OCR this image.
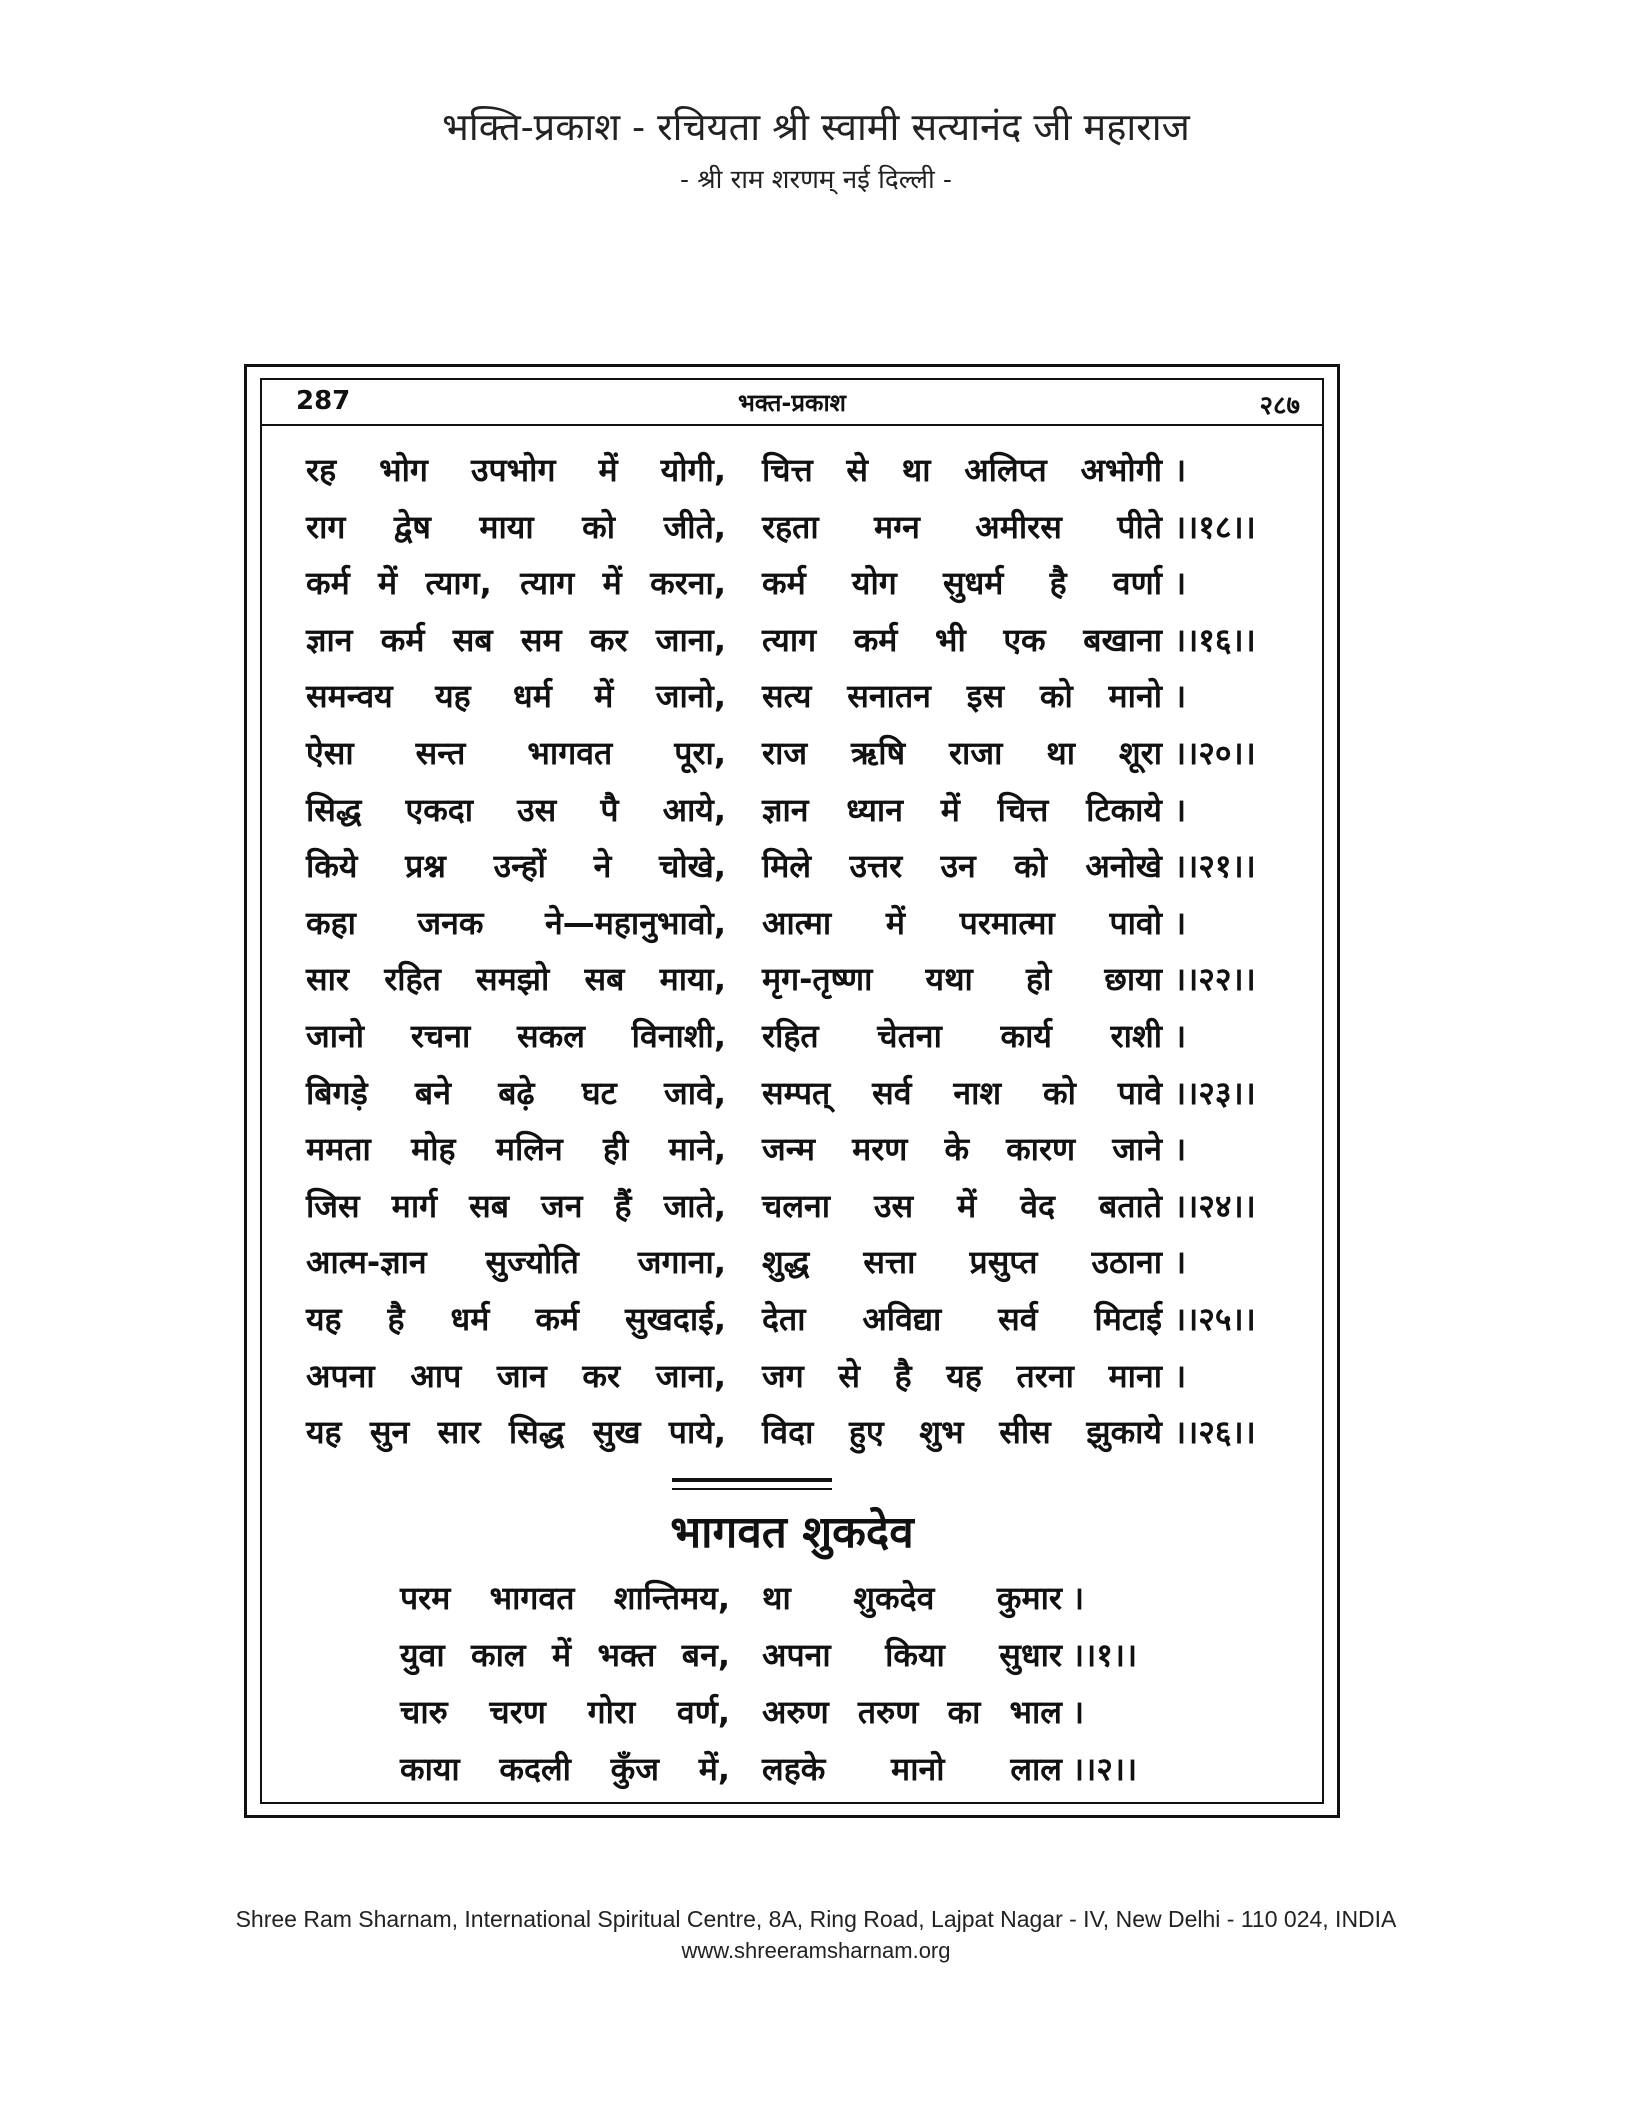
भक्ति-प्रकाश - रचियता श्री स्वामी सत्यानंद जी महाराज
- श्री राम शरणम् नई दिल्ली -
287	भक्त-प्रकाश	२८७
रह भोग उपभोग में योगी, चित्त से था अलिप्त अभोगी ।
राग द्वेष माया को जीते, रहता मग्न अमीरस पीते ।।१८।।
कर्म में त्याग, त्याग में करना, कर्म योग सुधर्म है वर्णा ।
ज्ञान कर्म सब सम कर जाना, त्याग कर्म भी एक बखाना ।।१६।।
समन्वय यह धर्म में जानो, सत्य सनातन इस को मानो ।
ऐसा सन्त भागवत पूरा, राज ऋषि राजा था शूरा ।।२०।।
सिद्ध एकदा उस पै आये, ज्ञान ध्यान में चित्त टिकाये ।
किये प्रश्न उन्हों ने चोखे, मिले उत्तर उन को अनोखे ।।२१।।
कहा जनक ने—महानुभावो, आत्मा में परमात्मा पावो ।
सार रहित समझो सब माया, मृग-तृष्णा यथा हो छाया ।।२२।।
जानो रचना सकल विनाशी, रहित चेतना कार्य राशी ।
बिगड़े बने बढ़े घट जावे, सम्पत् सर्व नाश को पावे ।।२३।।
ममता मोह मलिन ही माने, जन्म मरण के कारण जाने ।
जिस मार्ग सब जन हैं जाते, चलना उस में वेद बताते ।।२४।।
आत्म-ज्ञान सुज्योति जगाना, शुद्ध सत्ता प्रसुप्त उठाना ।
यह है धर्म कर्म सुखदाई, देता अविद्या सर्व मिटाई ।।२५।।
अपना आप जान कर जाना, जग से है यह तरना माना ।
यह सुन सार सिद्ध सुख पाये, विदा हुए शुभ सीस झुकाये ।।२६।।
भागवत शुकदेव
परम भागवत शान्तिमय, था शुकदेव कुमार ।
युवा काल में भक्त बन, अपना किया सुधार ।।१।।
चारु चरण गोरा वर्ण, अरुण तरुण का भाल ।
काया कदली कुँज में, लहके मानो लाल ।।२।।
Shree Ram Sharnam, International Spiritual Centre, 8A, Ring Road, Lajpat Nagar - IV, New Delhi - 110 024, INDIA
www.shreeramsharnam.org
